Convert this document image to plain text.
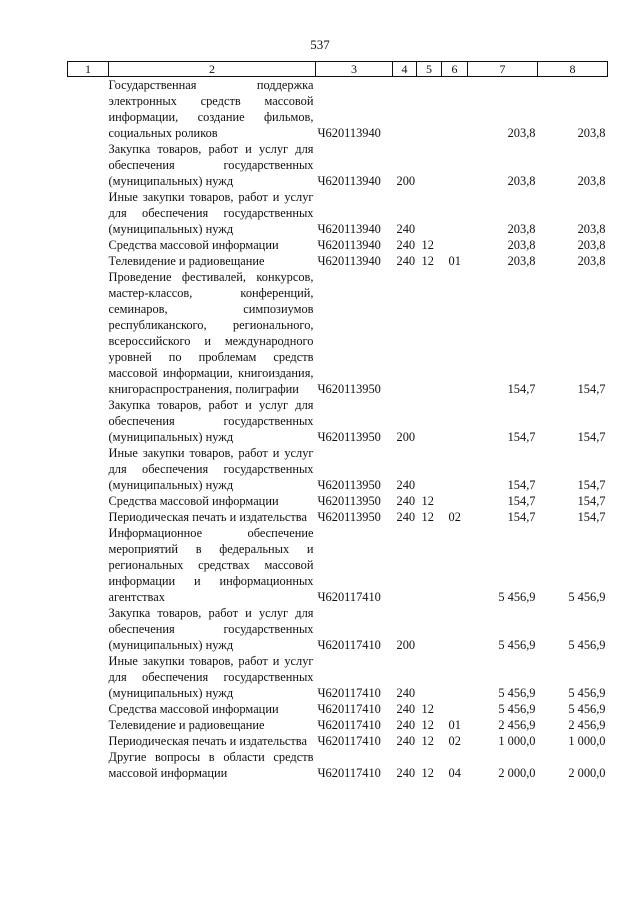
537
1	2	3	4	5	6	7	8
	Государственная поддержка электронных средств массовой информации, создание фильмов, социальных роликов	Ч620113940				203,8	203,8
	Закупка товаров, работ и услуг для обеспечения государственных (муниципальных) нужд	Ч620113940	200			203,8	203,8
	Иные закупки товаров, работ и услуг для обеспечения государственных (муниципальных) нужд	Ч620113940	240			203,8	203,8
	Средства массовой информации	Ч620113940	240	12		203,8	203,8
	Телевидение и радиовещание	Ч620113940	240	12	01	203,8	203,8
	Проведение фестивалей, конкурсов, мастер-классов, конференций, семинаров, симпозиумов республиканского, регионального, всероссийского и международного уровней по проблемам средств массовой информации, книгоиздания, книгораспространения, полиграфии	Ч620113950				154,7	154,7
	Закупка товаров, работ и услуг для обеспечения государственных (муниципальных) нужд	Ч620113950	200			154,7	154,7
	Иные закупки товаров, работ и услуг для обеспечения государственных (муниципальных) нужд	Ч620113950	240			154,7	154,7
	Средства массовой информации	Ч620113950	240	12		154,7	154,7
	Периодическая печать и издательства	Ч620113950	240	12	02	154,7	154,7
	Информационное обеспечение мероприятий в федеральных и региональных средствах массовой информации и информационных агентствах	Ч620117410				5 456,9	5 456,9
	Закупка товаров, работ и услуг для обеспечения государственных (муниципальных) нужд	Ч620117410	200			5 456,9	5 456,9
	Иные закупки товаров, работ и услуг для обеспечения государственных (муниципальных) нужд	Ч620117410	240			5 456,9	5 456,9
	Средства массовой информации	Ч620117410	240	12		5 456,9	5 456,9
	Телевидение и радиовещание	Ч620117410	240	12	01	2 456,9	2 456,9
	Периодическая печать и издательства	Ч620117410	240	12	02	1 000,0	1 000,0
	Другие вопросы в области средств массовой информации	Ч620117410	240	12	04	2 000,0	2 000,0
